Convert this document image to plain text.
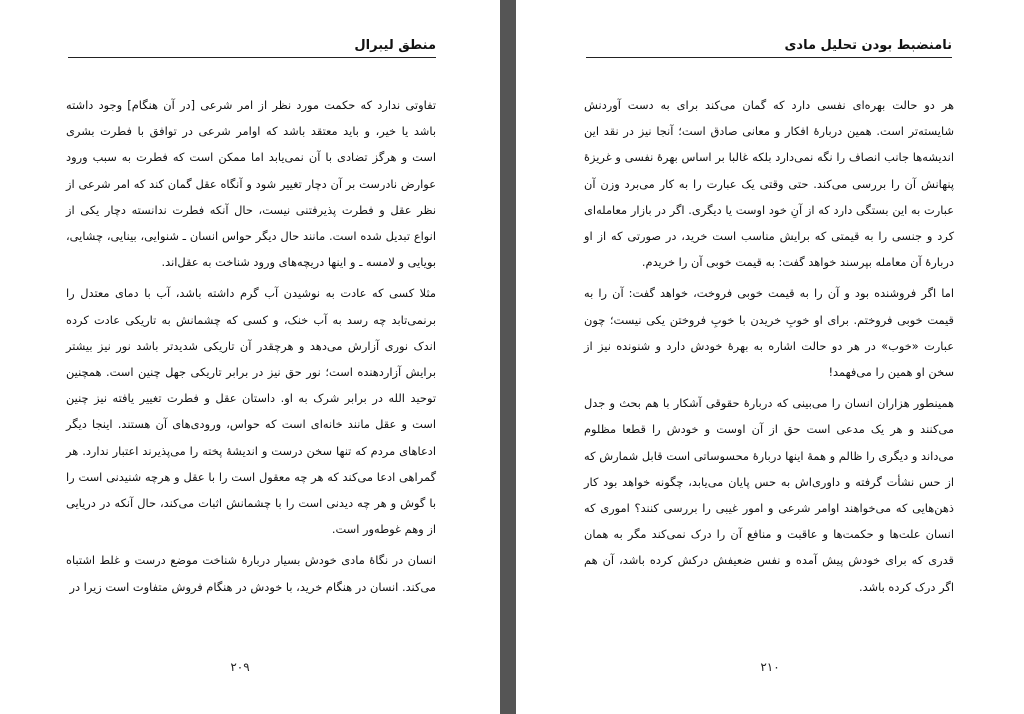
منطق لیبرال

تفاوتی ندارد که حکمت مورد نظر از امر شرعی [در آن هنگام] وجود داشته باشد یا خیر، و باید معتقد باشد که اوامر شرعی در توافق با فطرت بشری است و هرگز تضادی با آن نمی‌یابد اما ممکن است که فطرت به سبب ورود عوارض نادرست بر آن دچار تغییر شود و آنگاه عقل گمان کند که امر شرعی از نظر عقل و فطرت پذیرفتنی نیست، حال آنکه فطرت ندانسته دچار یکی از انواع تبدیل شده است. مانند حال دیگر حواس انسان ـ شنوایی، بینایی، چشایی، بویایی و لامسه ـ و اینها دریچه‌های ورود شناخت به عقل‌اند.

مثلا کسی که عادت به نوشیدن آب گرم داشته باشد، آب با دمای معتدل را برنمی‌تابد چه رسد به آب خنک، و کسی که چشمانش به تاریکی عادت کرده اندک نوری آزارش می‌دهد و هرچقدر آن تاریکی شدیدتر باشد نور نیز بیشتر برایش آزاردهنده است؛ نور حق نیز در برابر تاریکی جهل چنین است. همچنین توحید الله در برابر شرک به او. داستان عقل و فطرت تغییر یافته نیز چنین است و عقل مانند خانه‌ای است که حواس، ورودی‌های آن هستند. اینجا دیگر ادعاهای مردم که تنها سخن درست و اندیشهٔ پخته را می‌پذیرند اعتبار ندارد. هر گمراهی ادعا می‌کند که هر چه معقول است را با عقل و هرچه شنیدنی است را با گوش و هر چه دیدنی است را با چشمانش اثبات می‌کند، حال آنکه در دریایی از وهم غوطه‌ور است.

انسان در نگاهٔ مادی خودش بسیار دربارهٔ شناخت موضع درست و غلط اشتباه می‌کند. انسان در هنگام خرید، با خودش در هنگام فروش متفاوت است زیرا در

۲۰۹
نامنضبط بودن تحلیل مادی

هر دو حالت بهره‌ای نفسی دارد که گمان می‌کند برای به دست آوردنش شایسته‌تر است. همین دربارهٔ افکار و معانی صادق است؛ آنجا نیز در نقد این اندیشه‌ها جانب انصاف را نگه نمی‌دارد بلکه غالبا بر اساس بهرهٔ نفسی و غریزهٔ پنهانش آن را بررسی می‌کند. حتی وقتی یک عبارت را به کار می‌برد وزن آن عبارت به این بستگی دارد که از آنِ خود اوست یا دیگری. اگر در بازار معامله‌ای کرد و جنسی را به قیمتی که برایش مناسب است خرید، در صورتی که از او دربارهٔ آن معامله بپرسند خواهد گفت: به قیمت خوبی آن را خریدم.

اما اگر فروشنده بود و آن را به قیمت خوبی فروخت، خواهد گفت: آن را به قیمت خوبی فروختم. برای او خوبِ خریدن با خوبِ فروختن یکی نیست؛ چون عبارت «خوب» در هر دو حالت اشاره به بهرهٔ خودش دارد و شنونده نیز از سخن او همین را می‌فهمد!

همینطور هزاران انسان را می‌بینی که دربارهٔ حقوقی آشکار با هم بحث و جدل می‌کنند و هر یک مدعی است حق از آن اوست و خودش را قطعا مظلوم می‌داند و دیگری را ظالم و همهٔ اینها دربارهٔ محسوساتی است قابل شمارش که از حس نشأت گرفته و داوری‌اش به حس پایان می‌یابد، چگونه خواهد بود کار ذهن‌هایی که می‌خواهند اوامر شرعی و امور غیبی را بررسی کنند؟ اموری که انسان علت‌ها و حکمت‌ها و عاقبت و منافع آن را درک نمی‌کند مگر به همان قدری که برای خودش پیش آمده و نفس ضعیفش درکش کرده باشد، آن هم اگر درک کرده باشد.

۲۱۰
